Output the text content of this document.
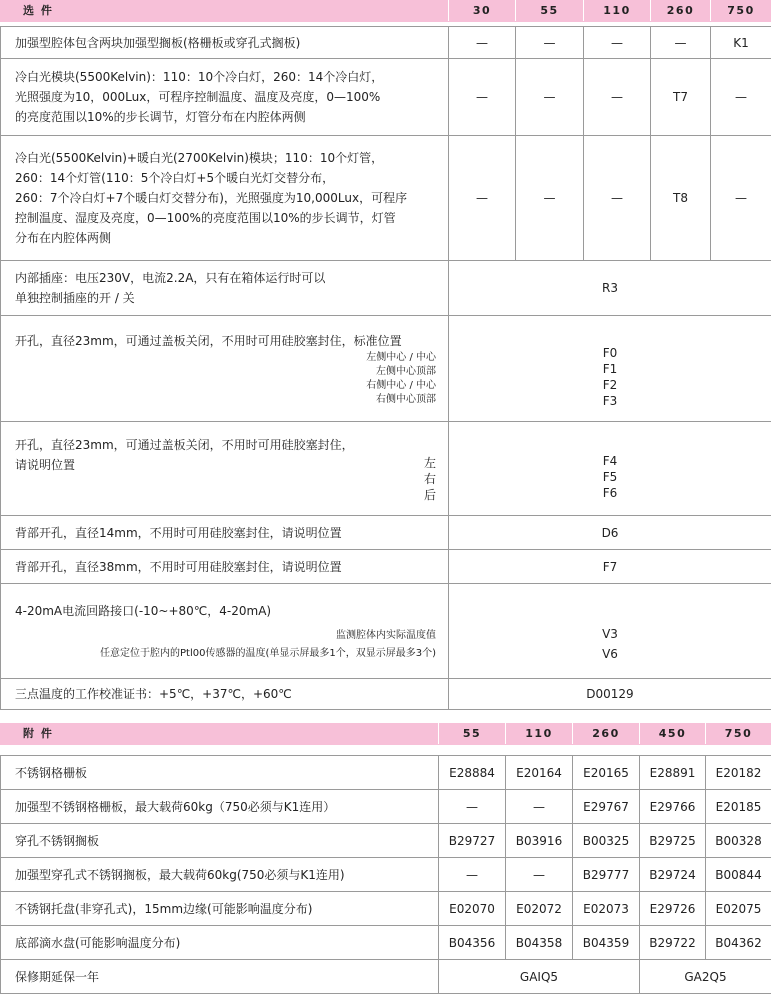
选 件	30	55	110	260	750

加强型腔体包含两块加强型搁板(格栅板或穿孔式搁板)	—	—	—	—	K1

冷白光模块(5500Kelvin)：110：10个冷白灯，260：14个冷白灯，
光照强度为10，000Lux，可程序控制温度、温度及亮度，0—100%
的亮度范围以10%的步长调节，灯管分布在内腔体两侧	—	—	—	T7	—

冷白光(5500Kelvin)+暖白光(2700Kelvin)模块；110：10个灯管，
260：14个灯管(110：5个冷白灯+5个暖白光灯交替分布，
260：7个冷白灯+7个暖白灯交替分布)，光照强度为10,000Lux，可程序
控制温度、湿度及亮度，0—100%的亮度范围以10%的步长调节，灯管
分布在内腔体两侧	—	—	—	T8	—

内部插座：电压230V，电流2.2A，只有在箱体运行时可以
单独控制插座的开 / 关	R3				

开孔，直径23mm，可通过盖板关闭，不用时可用硅胶塞封住，标准位置
左侧中心 / 中心
左侧中心顶部
右侧中心 / 中心
右侧中心顶部	F0
F1
F2
F3				

开孔，直径23mm，可通过盖板关闭，不用时可用硅胶塞封住，
请说明位置 左
右
后	F4
F5
F6				

背部开孔，直径14mm，不用时可用硅胶塞封住，请说明位置	D6				
背部开孔，直径38mm，不用时可用硅胶塞封住，请说明位置	F7				

4-20mA电流回路接口(-10~+80℃，4-20mA)
监测腔体内实际温度值
任意定位于腔内的Ptl00传感器的温度(单显示屏最多1个，双显示屏最多3个)	V3
V6				

三点温度的工作校准证书：+5℃，+37℃，+60℃	D00129				
附 件	55	110	260	450	750

不锈钢格栅板	E28884	E20164	E20165	E28891	E20182
加强型不锈钢格栅板，最大载荷60kg（750必须与K1连用）	—	—	E29767	E29766	E20185
穿孔不锈钢搁板	B29727	B03916	B00325	B29725	B00328
加强型穿孔式不锈钢搁板，最大载荷60kg(750必须与K1连用)	—	—	B29777	B29724	B00844
不锈钢托盘(非穿孔式)，15mm边缘(可能影响温度分布)	E02070	E02072	E02073	E29726	E02075
底部滴水盘(可能影响温度分布)	B04356	B04358	B04359	B29722	B04362
保修期延保一年	GAIQ5			GA2Q5	
